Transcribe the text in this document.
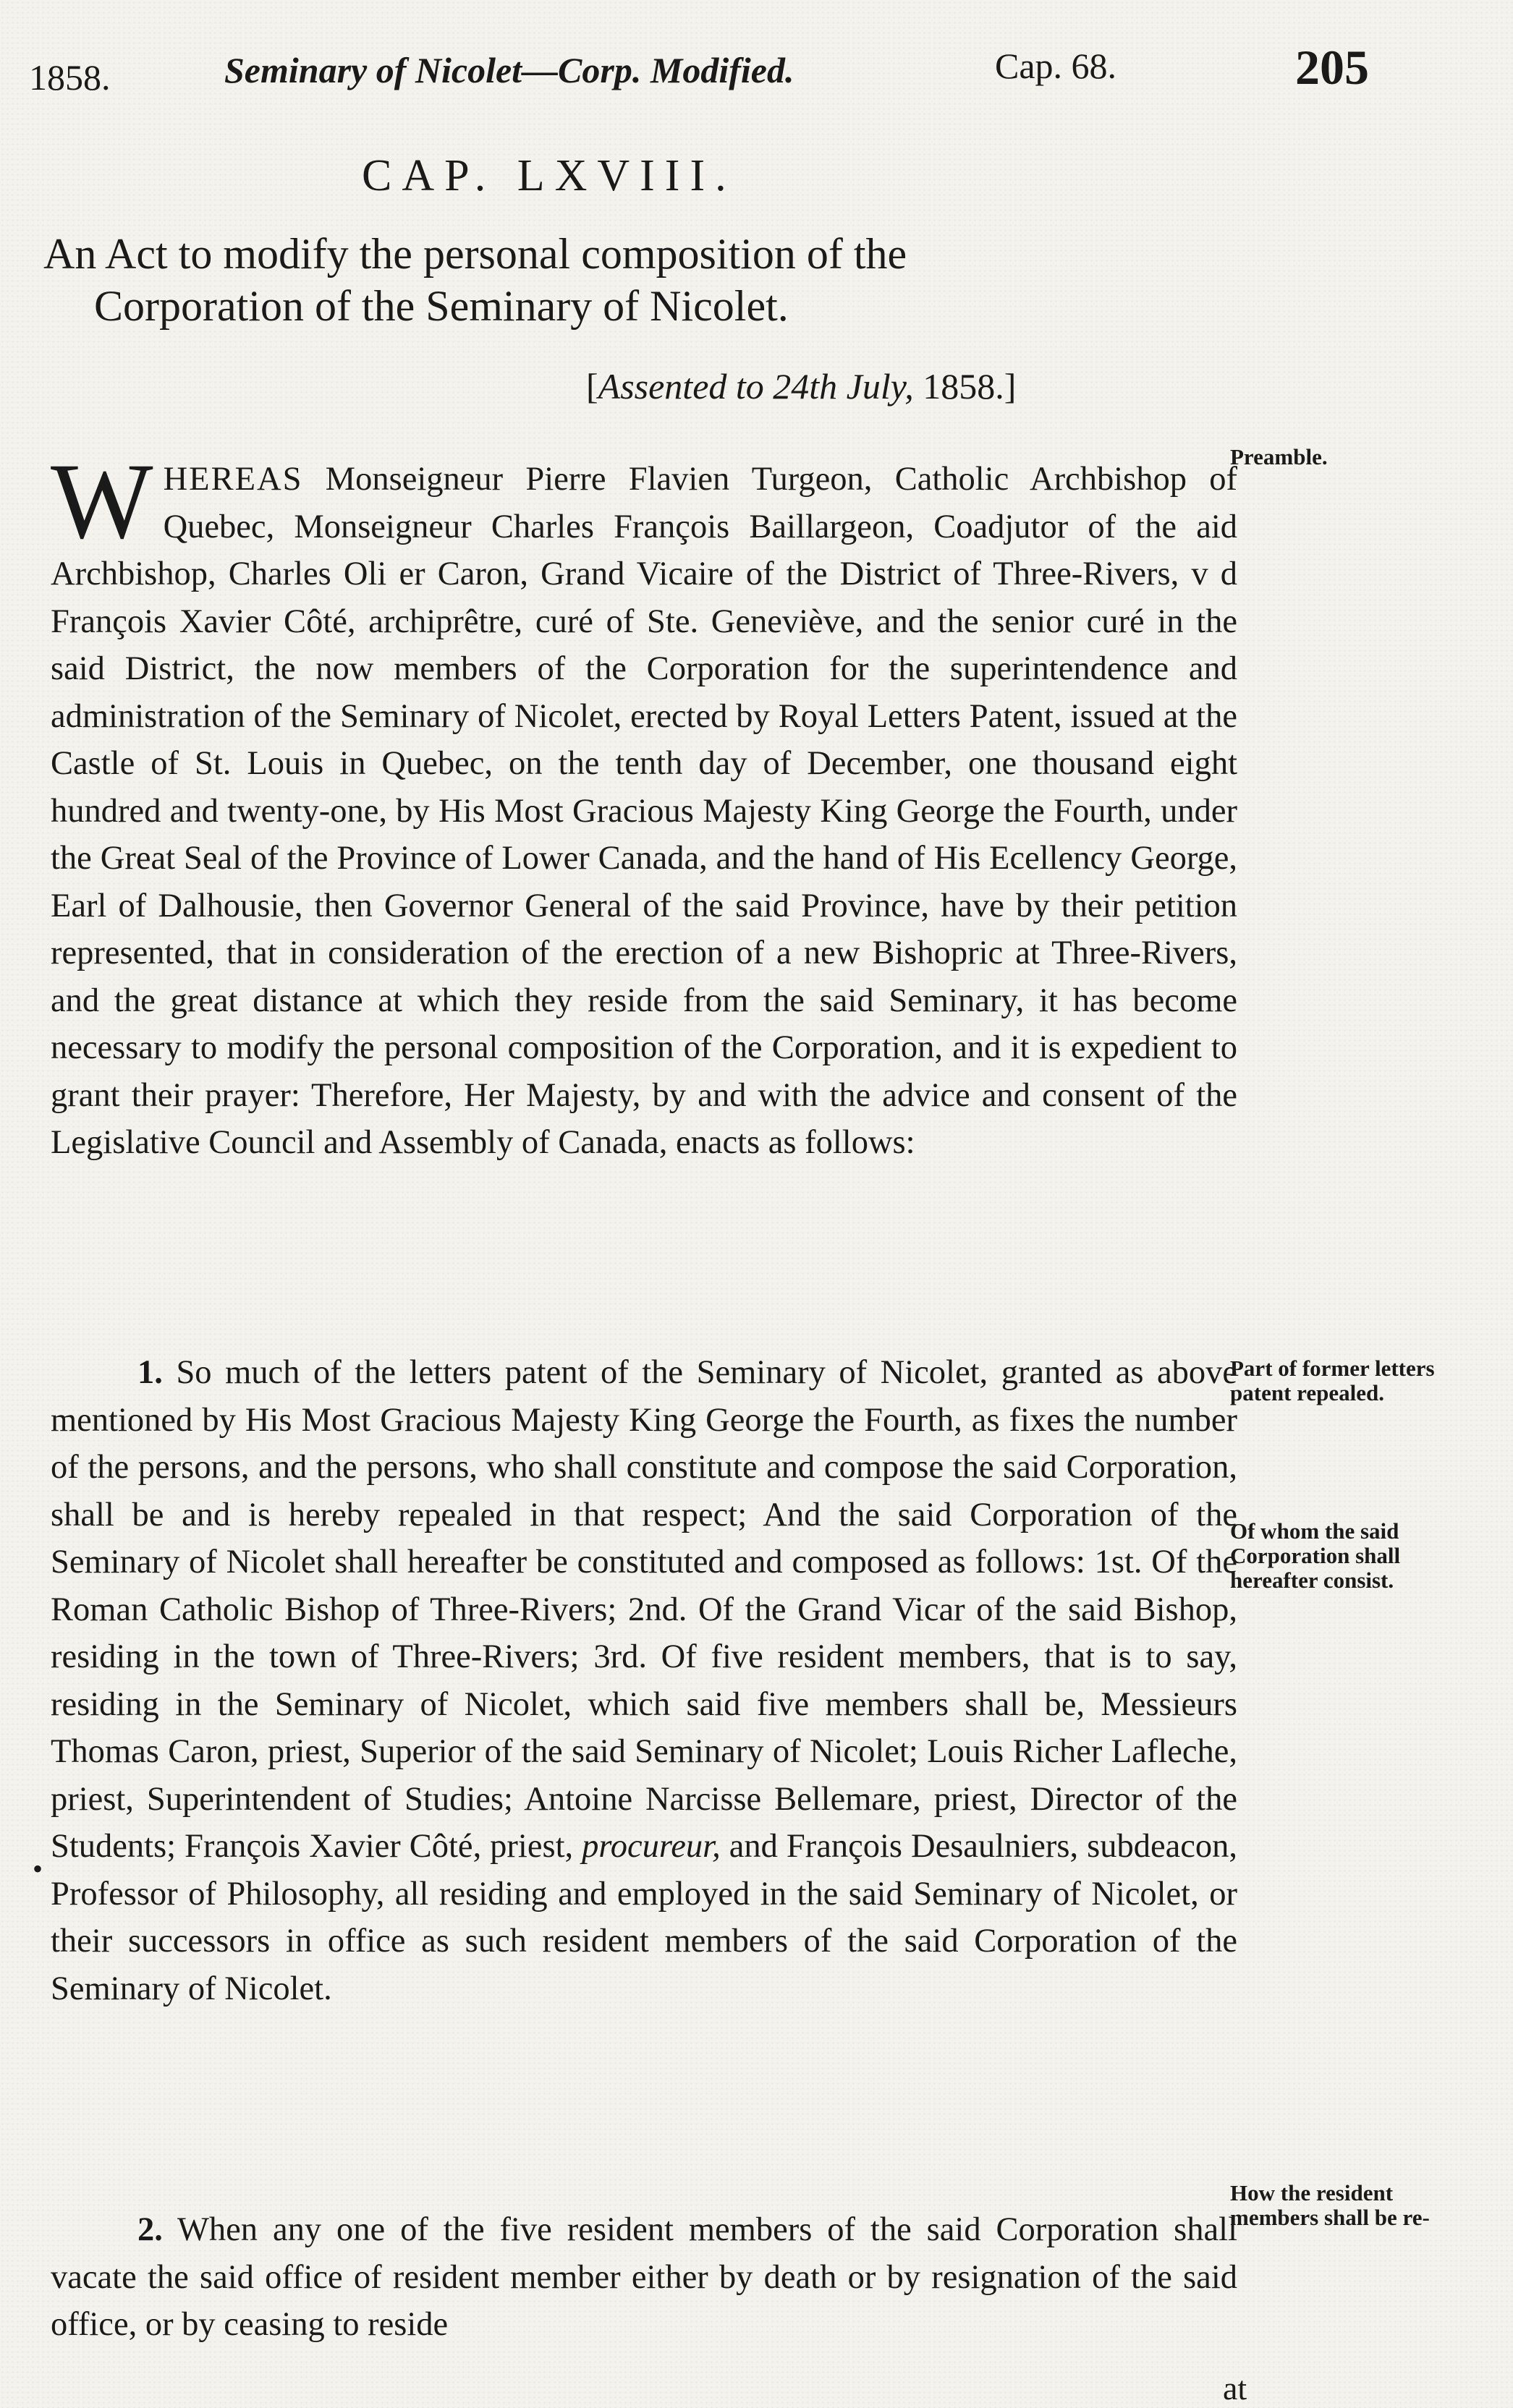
1858.	Seminary of Nicolet—Corp. Modified.	Cap. 68.	205
CAP. LXVIII.
An Act to modify the personal composition of the
Corporation of the Seminary of Nicolet.
[Assented to 24th July, 1858.]
Preamble.

WHEREAS Monseigneur Pierre Flavien Turgeon, Catholic Archbishop of Quebec, Monseigneur Charles François Baillargeon, Coadjutor of the aid Archbishop, Charles Oli er Caron, Grand Vicaire of the District of Three-Rivers, v d François Xavier Côté, archiprêtre, curé of Ste. Geneviève, and the senior curé in the said District, the now members of the Corporation for the superintendence and administration of the Seminary of Nicolet, erected by Royal Letters Patent, issued at the Castle of St. Louis in Quebec, on the tenth day of December, one thousand eight hundred and twenty-one, by His Most Gracious Majesty King George the Fourth, under the Great Seal of the Province of Lower Canada, and the hand of His Ecellency George, Earl of Dalhousie, then Governor General of the said Province, have by their petition represented, that in consideration of the erection of a new Bishopric at Three-Rivers, and the great distance at which they reside from the said Seminary, it has become necessary to modify the personal composition of the Corporation, and it is expedient to grant their prayer: Therefore, Her Majesty, by and with the advice and consent of the Legislative Council and Assembly of Canada, enacts as follows:

Part of former letters patent repealed.
Of whom the said Corporation shall hereafter consist.

1. So much of the letters patent of the Seminary of Nicolet, granted as above mentioned by His Most Gracious Majesty King George the Fourth, as fixes the number of the persons, and the persons, who shall constitute and compose the said Corporation, shall be and is hereby repealed in that respect; And the said Corporation of the Seminary of Nicolet shall hereafter be constituted and composed as follows: 1st. Of the Roman Catholic Bishop of Three-Rivers; 2nd. Of the Grand Vicar of the said Bishop, residing in the town of Three-Rivers; 3rd. Of five resident members, that is to say, residing in the Seminary of Nicolet, which said five members shall be, Messieurs Thomas Caron, priest, Superior of the said Seminary of Nicolet; Louis Richer Lafleche, priest, Superintendent of Studies; Antoine Narcisse Bellemare, priest, Director of the Students; François Xavier Côté, priest, procureur, and François Desaulniers, subdeacon, Professor of Philosophy, all residing and employed in the said Seminary of Nicolet, or their successors in office as such resident members of the said Corporation of the Seminary of Nicolet.

How the resident members shall be re-

2. When any one of the five resident members of the said Corporation shall vacate the said office of resident member either by death or by resignation of the said office, or by ceasing to reside

at
•
